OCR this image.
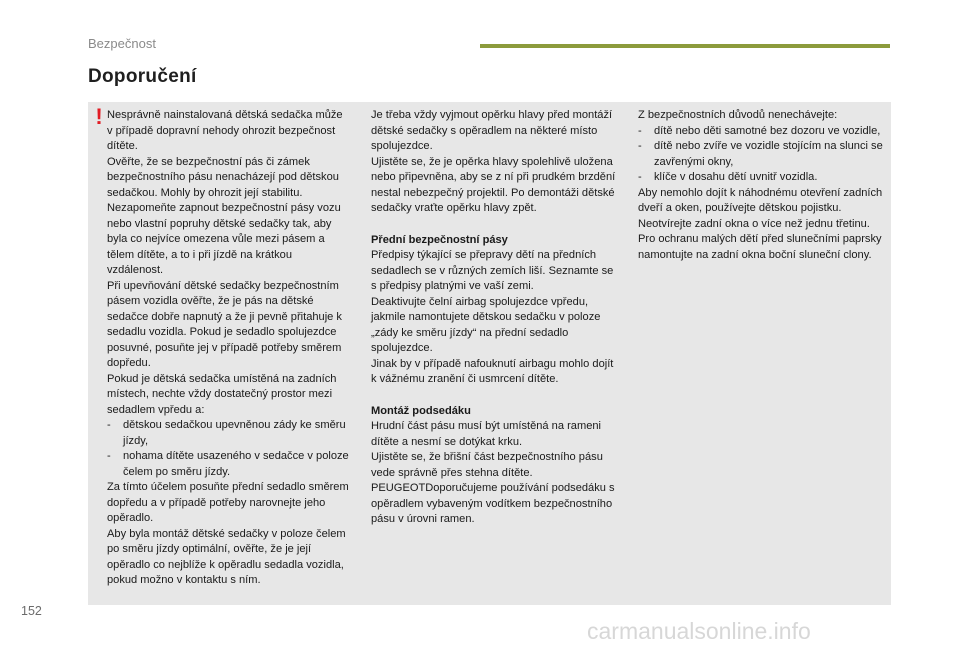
Bezpečnost
Doporučení
! Nesprávně nainstalovaná dětská sedačka může v případě dopravní nehody ohrozit bezpečnost dítěte.

Ověřte, že se bezpečnostní pás či zámek bezpečnostního pásu nenacházejí pod dětskou sedačkou. Mohly by ohrozit její stabilitu.

Nezapomeňte zapnout bezpečnostní pásy vozu nebo vlastní popruhy dětské sedačky tak, aby byla co nejvíce omezena vůle mezi pásem a tělem dítěte, a to i při jízdě na krátkou vzdálenost.

Při upevňování dětské sedačky bezpečnostním pásem vozidla ověřte, že je pás na dětské sedačce dobře napnutý a že ji pevně přitahuje k sedadlu vozidla. Pokud je sedadlo spolujezdce posuvné, posuňte jej v případě potřeby směrem dopředu.

Pokud je dětská sedačka umístěná na zadních místech, nechte vždy dostatečný prostor mezi sedadlem vpředu a:

- dětskou sedačkou upevněnou zády ke směru jízdy,

- nohama dítěte usazeného v sedačce v poloze čelem po směru jízdy.

Za tímto účelem posuňte přední sedadlo směrem dopředu a v případě potřeby narovnejte jeho opěradlo.

Aby byla montáž dětské sedačky v poloze čelem po směru jízdy optimální, ověřte, že je její opěradlo co nejblíže k opěradlu sedadla vozidla, pokud možno v kontaktu s ním.

Je třeba vždy vyjmout opěrku hlavy před montáží dětské sedačky s opěradlem na některé místo spolujezdce.

Ujistěte se, že je opěrka hlavy spolehlivě uložena nebo připevněna, aby se z ní při prudkém brzdění nestal nebezpečný projektil. Po demontáži dětské sedačky vraťte opěrku hlavy zpět.

Přední bezpečnostní pásy

Předpisy týkající se přepravy dětí na předních sedadlech se v různých zemích liší. Seznamte se s předpisy platnými ve vaší zemi.

Deaktivujte čelní airbag spolujezdce vpředu, jakmile namontujete dětskou sedačku v poloze „zády ke směru jízdy“ na přední sedadlo spolujezdce.

Jinak by v případě nafouknutí airbagu mohlo dojít k vážnému zranění či usmrcení dítěte.

Montáž podsedáku

Hrudní část pásu musí být umístěná na rameni dítěte a nesmí se dotýkat krku.

Ujistěte se, že břišní část bezpečnostního pásu vede správně přes stehna dítěte.

PEUGEOTDoporučujeme používání podsedáku s opěradlem vybaveným vodítkem bezpečnostního pásu v úrovni ramen.

Z bezpečnostních důvodů nenechávejte:

- dítě nebo děti samotné bez dozoru ve vozidle,

- dítě nebo zvíře ve vozidle stojícím na slunci se zavřenými okny,

- klíče v dosahu dětí uvnitř vozidla.

Aby nemohlo dojít k náhodnému otevření zadních dveří a oken, používejte dětskou pojistku.

Neotvírejte zadní okna o více než jednu třetinu.

Pro ochranu malých dětí před slunečními paprsky namontujte na zadní okna boční sluneční clony.

152
carmanualsonline.info
